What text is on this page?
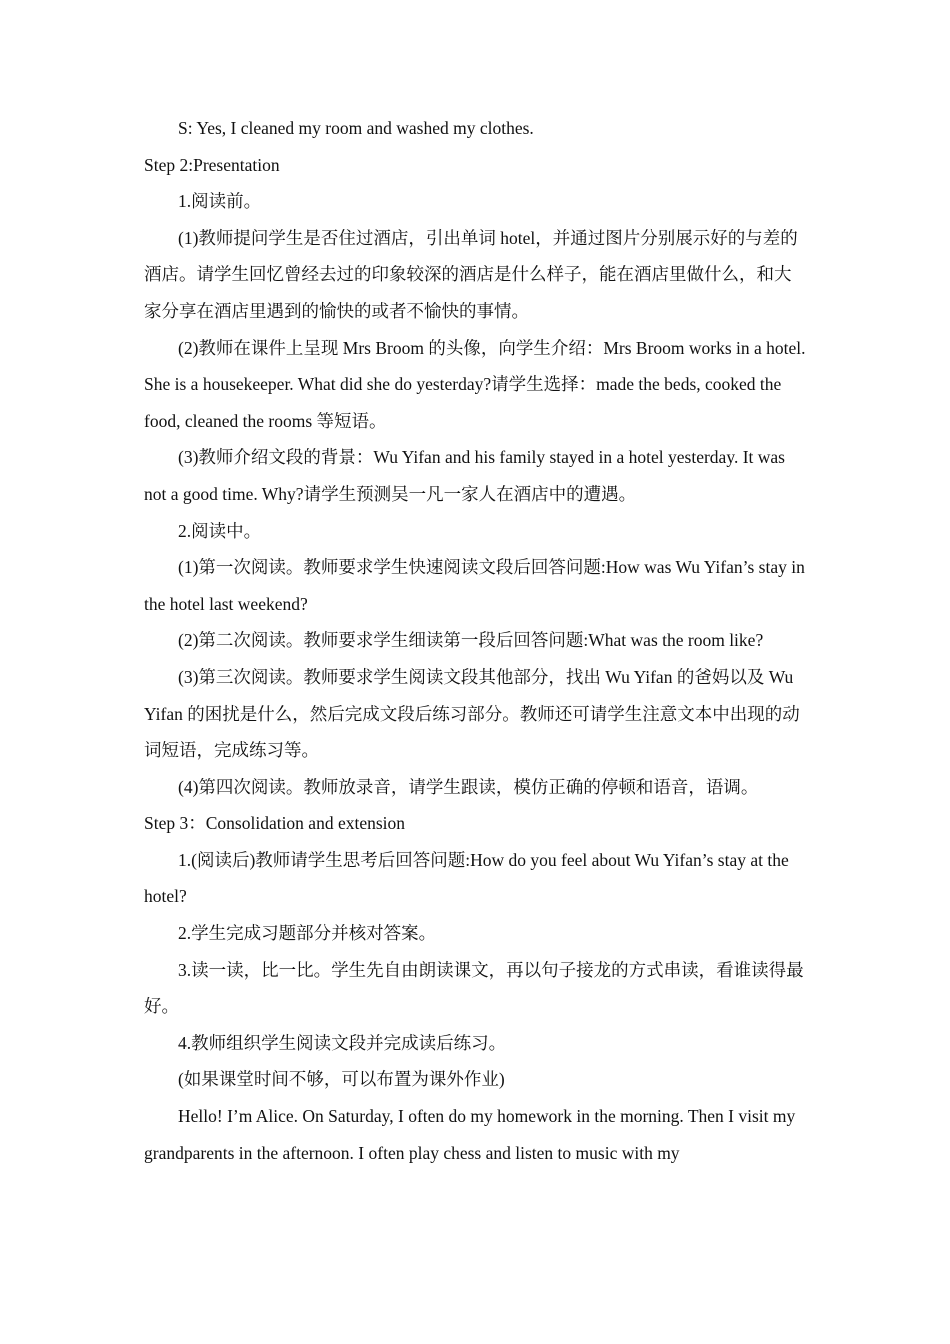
S: Yes, I cleaned my room and washed my clothes.

Step 2:Presentation

1.阅读前。

(1)教师提问学生是否住过酒店，引出单词 hotel，并通过图片分别展示好的与差的酒店。请学生回忆曾经去过的印象较深的酒店是什么样子，能在酒店里做什么，和大家分享在酒店里遇到的愉快的或者不愉快的事情。

(2)教师在课件上呈现 Mrs Broom 的头像，向学生介绍：Mrs Broom works in a hotel. She is a housekeeper. What did she do yesterday?请学生选择：made the beds, cooked the food, cleaned the rooms 等短语。

(3)教师介绍文段的背景：Wu Yifan and his family stayed in a hotel yesterday. It was not a good time. Why?请学生预测吴一凡一家人在酒店中的遭遇。

2.阅读中。

(1)第一次阅读。教师要求学生快速阅读文段后回答问题:How was Wu Yifan’s stay in the hotel last weekend?

(2)第二次阅读。教师要求学生细读第一段后回答问题:What was the room like?

(3)第三次阅读。教师要求学生阅读文段其他部分，找出 Wu Yifan 的爸妈以及 Wu Yifan 的困扰是什么，然后完成文段后练习部分。教师还可请学生注意文本中出现的动词短语，完成练习等。

(4)第四次阅读。教师放录音，请学生跟读，模仿正确的停顿和语音，语调。

Step 3：Consolidation and extension

1.(阅读后)教师请学生思考后回答问题:How do you feel about Wu Yifan’s stay at the hotel?

2.学生完成习题部分并核对答案。

3.读一读，比一比。学生先自由朗读课文，再以句子接龙的方式串读，看谁读得最好。

4.教师组织学生阅读文段并完成读后练习。

(如果课堂时间不够，可以布置为课外作业)

Hello! I’m Alice. On Saturday, I often do my homework in the morning. Then I visit my grandparents in the afternoon. I often play chess and listen to music with my
